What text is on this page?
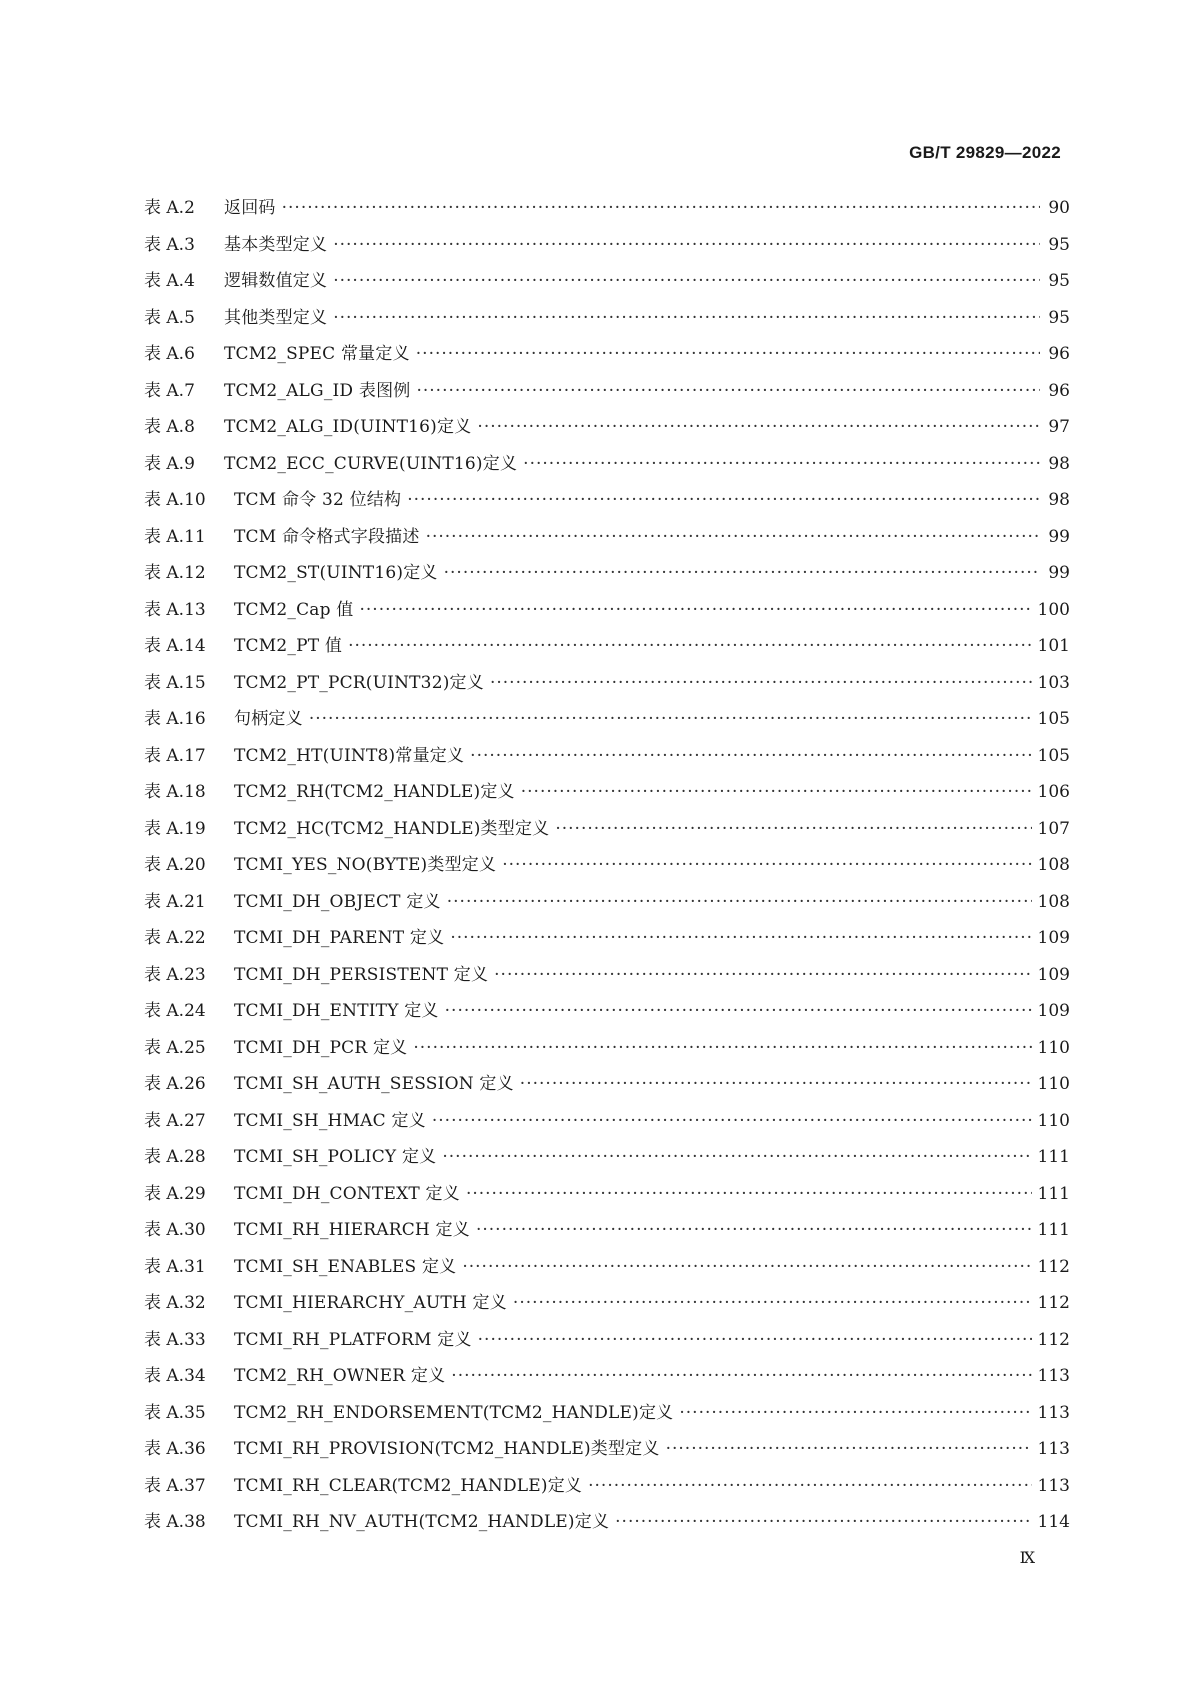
GB/T 29829—2022
表 A.2	返回码 ·····	90
表 A.3	基本类型定义 ·····	95
表 A.4	逻辑数值定义 ·····	95
表 A.5	其他类型定义 ·····	95
表 A.6	TCM2_SPEC 常量定义 ·····	96
表 A.7	TCM2_ALG_ID 表图例 ·····	96
表 A.8	TCM2_ALG_ID(UINT16)定义 ·····	97
表 A.9	TCM2_ECC_CURVE(UINT16)定义 ·····	98
表 A.10	TCM 命令 32 位结构 ·····	98
表 A.11	TCM 命令格式字段描述 ·····	99
表 A.12	TCM2_ST(UINT16)定义 ·····	99
表 A.13	TCM2_Cap 值 ·····	100
表 A.14	TCM2_PT 值 ·····	101
表 A.15	TCM2_PT_PCR(UINT32)定义 ·····	103
表 A.16	句柄定义 ·····	105
表 A.17	TCM2_HT(UINT8)常量定义 ·····	105
表 A.18	TCM2_RH(TCM2_HANDLE)定义 ·····	106
表 A.19	TCM2_HC(TCM2_HANDLE)类型定义 ·····	107
表 A.20	TCMI_YES_NO(BYTE)类型定义 ·····	108
表 A.21	TCMI_DH_OBJECT 定义 ·····	108
表 A.22	TCMI_DH_PARENT 定义 ·····	109
表 A.23	TCMI_DH_PERSISTENT 定义 ·····	109
表 A.24	TCMI_DH_ENTITY 定义 ·····	109
表 A.25	TCMI_DH_PCR 定义 ·····	110
表 A.26	TCMI_SH_AUTH_SESSION 定义 ·····	110
表 A.27	TCMI_SH_HMAC 定义 ·····	110
表 A.28	TCMI_SH_POLICY 定义 ·····	111
表 A.29	TCMI_DH_CONTEXT 定义 ·····	111
表 A.30	TCMI_RH_HIERARCH 定义 ·····	111
表 A.31	TCMI_SH_ENABLES 定义 ·····	112
表 A.32	TCMI_HIERARCHY_AUTH 定义 ·····	112
表 A.33	TCMI_RH_PLATFORM 定义 ·····	112
表 A.34	TCM2_RH_OWNER 定义 ·····	113
表 A.35	TCM2_RH_ENDORSEMENT(TCM2_HANDLE)定义 ·····	113
表 A.36	TCMI_RH_PROVISION(TCM2_HANDLE)类型定义 ·····	113
表 A.37	TCMI_RH_CLEAR(TCM2_HANDLE)定义 ·····	113
表 A.38	TCMI_RH_NV_AUTH(TCM2_HANDLE)定义 ·····	114
Ⅸ
